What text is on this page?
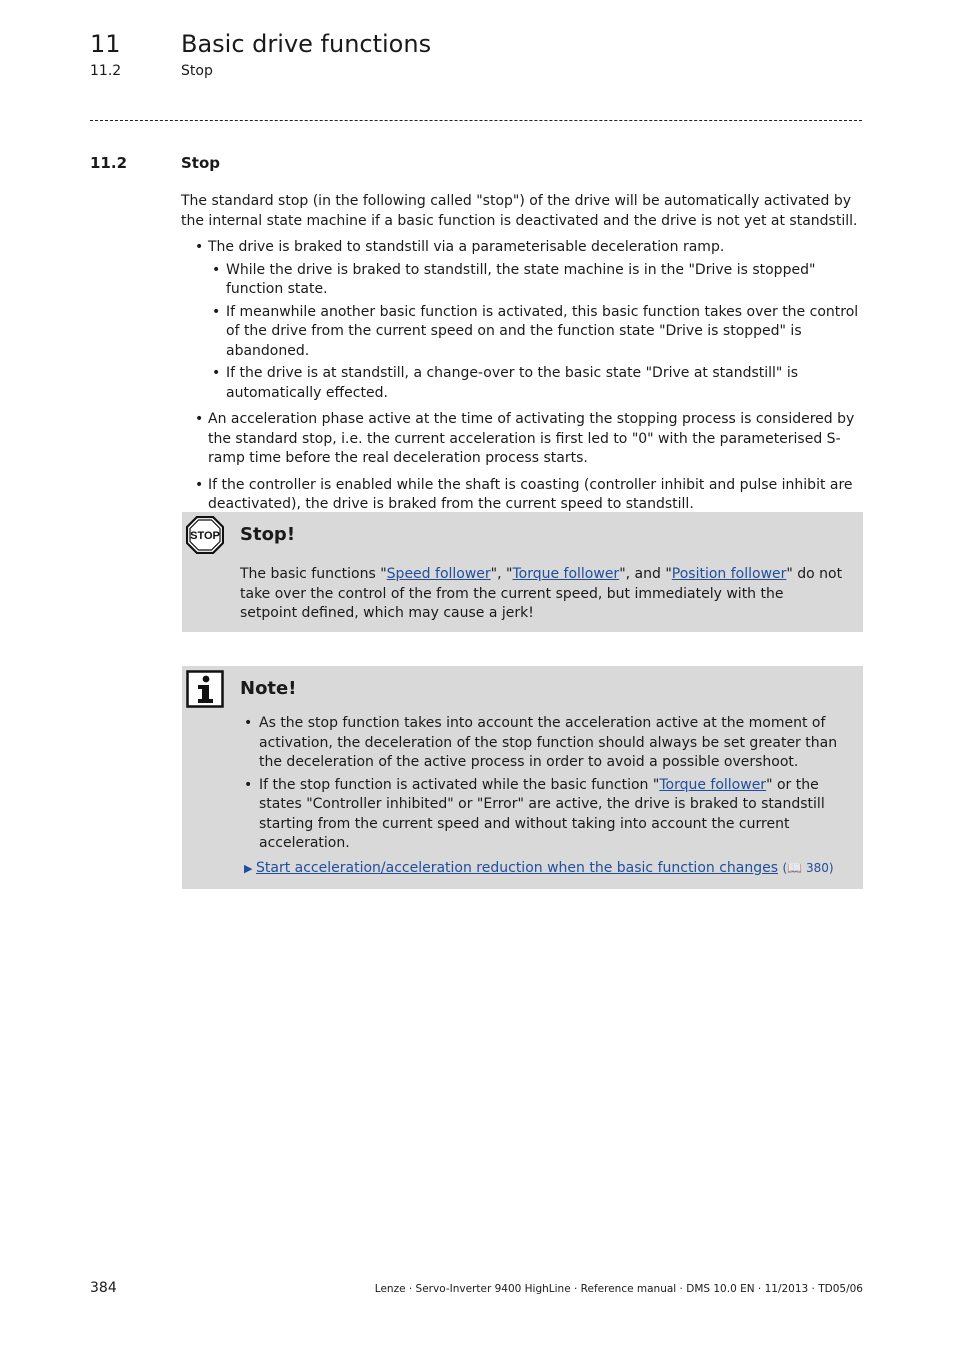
11	Basic drive functions
11.2	Stop
11.2	Stop

The standard stop (in the following called "stop") of the drive will be automatically activated by the internal state machine if a basic function is deactivated and the drive is not yet at standstill.

• The drive is braked to standstill via a parameterisable deceleration ramp.
• While the drive is braked to standstill, the state machine is in the "Drive is stopped" function state.
• If meanwhile another basic function is activated, this basic function takes over the control of the drive from the current speed on and the function state "Drive is stopped" is abandoned.
• If the drive is at standstill, a change-over to the basic state "Drive at standstill" is automatically effected.
• An acceleration phase active at the time of activating the stopping process is considered by the standard stop, i.e. the current acceleration is first led to "0" with the parameterised S-ramp time before the real deceleration process starts.
• If the controller is enabled while the shaft is coasting (controller inhibit and pulse inhibit are deactivated), the drive is braked from the current speed to standstill.
STOP Stop!
The basic functions "Speed follower", "Torque follower", and "Position follower" do not take over the control of the from the current speed, but immediately with the setpoint defined, which may cause a jerk!
Note!
• As the stop function takes into account the acceleration active at the moment of activation, the deceleration of the stop function should always be set greater than the deceleration of the active process in order to avoid a possible overshoot.
• If the stop function is activated while the basic function "Torque follower" or the states "Controller inhibited" or "Error" are active, the drive is braked to standstill starting from the current speed and without taking into account the current acceleration.
▶ Start acceleration/acceleration reduction when the basic function changes (📖 380)
384	Lenze · Servo-Inverter 9400 HighLine · Reference manual · DMS 10.0 EN · 11/2013 · TD05/06
